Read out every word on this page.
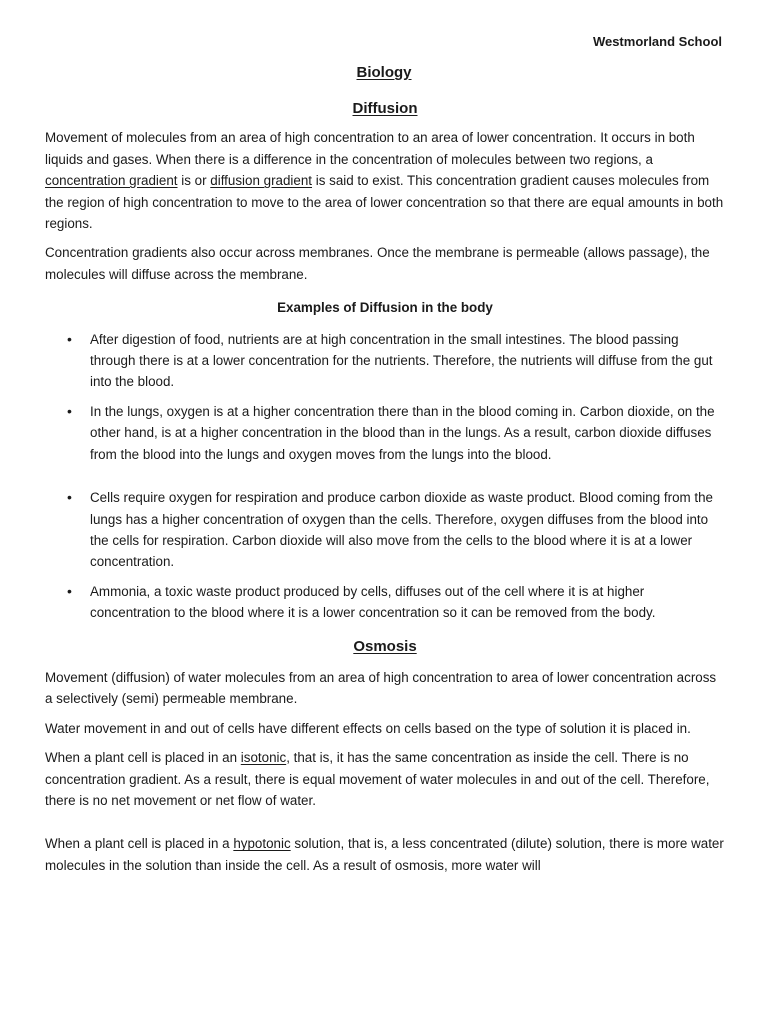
Westmorland School
Biology
Diffusion

Movement of molecules from an area of high concentration to an area of lower concentration. It occurs in both liquids and gases. When there is a difference in the concentration of molecules between two regions, a concentration gradient is or diffusion gradient is said to exist. This concentration gradient causes molecules from the region of high concentration to move to the area of lower concentration so that there are equal amounts in both regions.

Concentration gradients also occur across membranes. Once the membrane is permeable (allows passage), the molecules will diffuse across the membrane.

Examples of Diffusion in the body
• After digestion of food, nutrients are at high concentration in the small intestines. The blood passing through there is at a lower concentration for the nutrients. Therefore, the nutrients will diffuse from the gut into the blood.
• In the lungs, oxygen is at a higher concentration there than in the blood coming in. Carbon dioxide, on the other hand, is at a higher concentration in the blood than in the lungs. As a result, carbon dioxide diffuses from the blood into the lungs and oxygen moves from the lungs into the blood.
• Cells require oxygen for respiration and produce carbon dioxide as waste product. Blood coming from the lungs has a higher concentration of oxygen than the cells. Therefore, oxygen diffuses from the blood into the cells for respiration. Carbon dioxide will also move from the cells to the blood where it is at a lower concentration.
• Ammonia, a toxic waste product produced by cells, diffuses out of the cell where it is at higher concentration to the blood where it is a lower concentration so it can be removed from the body.
Osmosis

Movement (diffusion) of water molecules from an area of high concentration to area of lower concentration across a selectively (semi) permeable membrane.

Water movement in and out of cells have different effects on cells based on the type of solution it is placed in.

When a plant cell is placed in an isotonic, that is, it has the same concentration as inside the cell. There is no concentration gradient. As a result, there is equal movement of water molecules in and out of the cell. Therefore, there is no net movement or net flow of water.

When a plant cell is placed in a hypotonic solution, that is, a less concentrated (dilute) solution, there is more water molecules in the solution than inside the cell. As a result of osmosis, more water will
